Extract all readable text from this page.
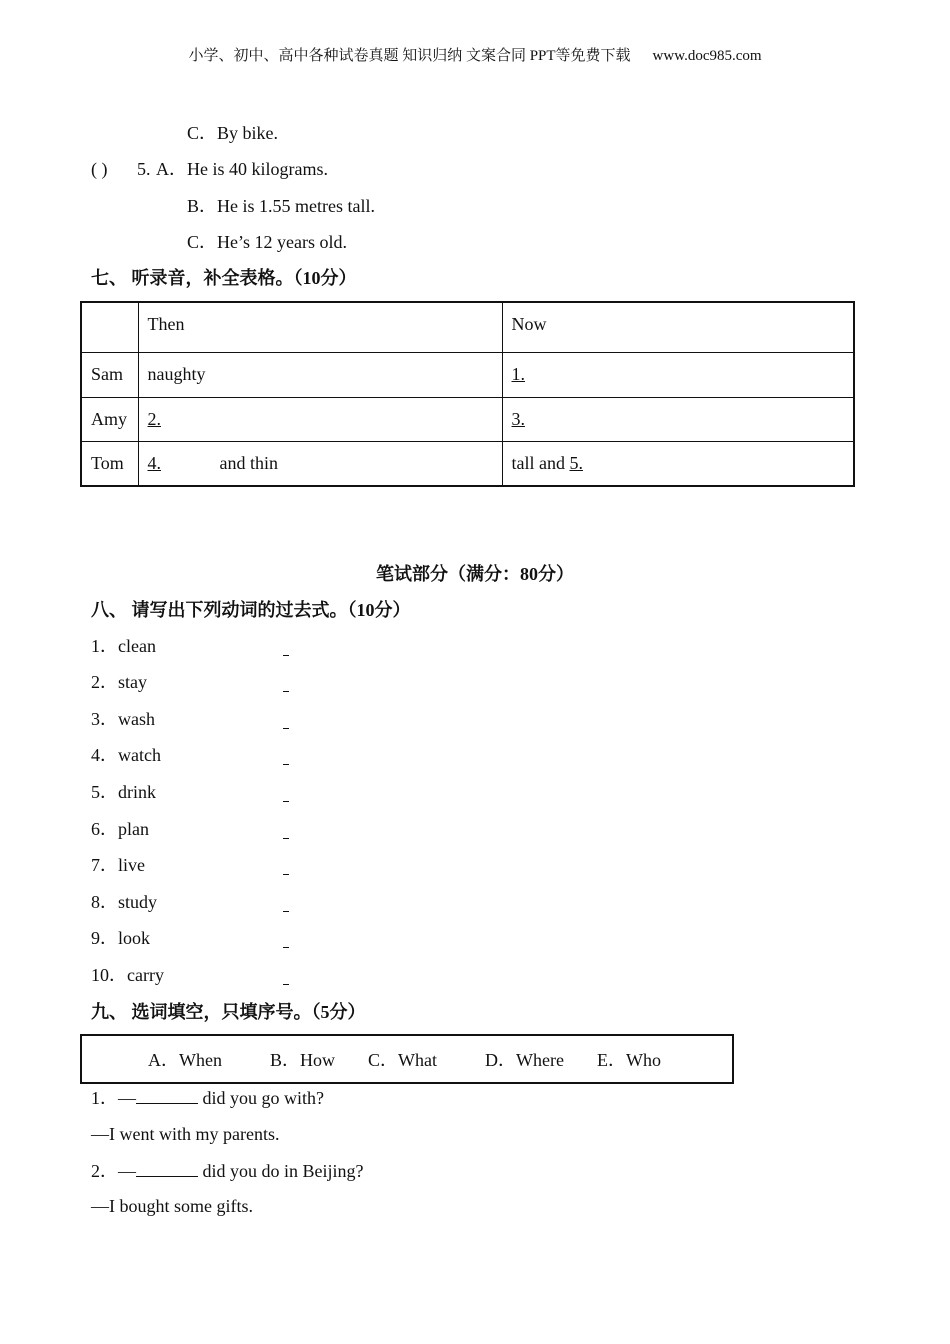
小学、初中、高中各种试卷真题 知识归纳 文案合同 PPT等免费下载 www.doc985.com
C．By bike.
( ) 5. A．He is 40 kilograms.
B．He is 1.55 metres tall.
C．He’s 12 years old.
七、 听录音，补全表格。（10分）
	Then	Now
Sam	naughty	1.
Amy	2.	3.
Tom	4. and thin	tall and 5.
笔试部分（满分：80分）
八、 请写出下列动词的过去式。（10分）
1．clean
2．stay
3．wash
4．watch
5．drink
6．plan
7．live
8．study
9．look
10．carry
九、 选词填空，只填序号。（5分）
A．When	B．How C．What	D．Where E．Who
1．—	did you go with?
—I went with my parents.
2．—	did you do in Beijing?
—I bought some gifts.
